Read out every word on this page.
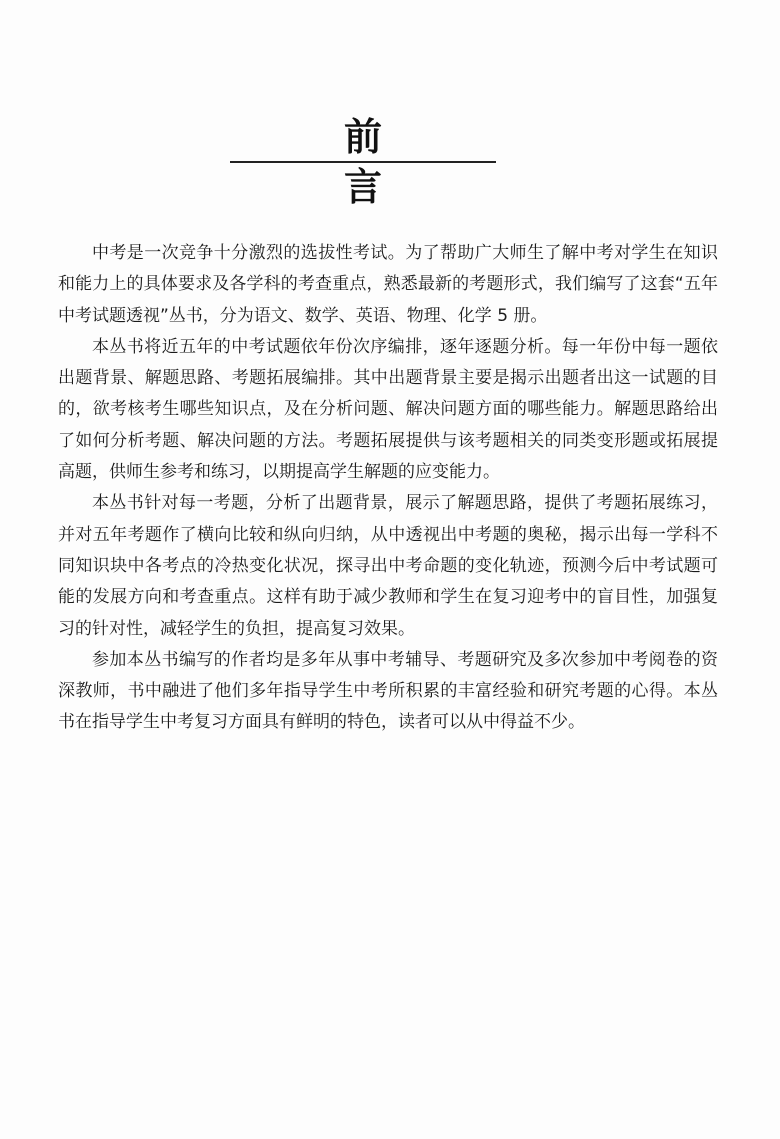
前　言

中考是一次竞争十分激烈的选拔性考试。为了帮助广大师生了解中考对学生在知识和能力上的具体要求及各学科的考查重点，熟悉最新的考题形式，我们编写了这套“五年中考试题透视”丛书，分为语文、数学、英语、物理、化学 5 册。

本丛书将近五年的中考试题依年份次序编排，逐年逐题分析。每一年份中每一题依出题背景、解题思路、考题拓展编排。其中出题背景主要是揭示出题者出这一试题的目的，欲考核考生哪些知识点，及在分析问题、解决问题方面的哪些能力。解题思路给出了如何分析考题、解决问题的方法。考题拓展提供与该考题相关的同类变形题或拓展提高题，供师生参考和练习，以期提高学生解题的应变能力。

本丛书针对每一考题，分析了出题背景，展示了解题思路，提供了考题拓展练习，并对五年考题作了横向比较和纵向归纳，从中透视出中考题的奥秘，揭示出每一学科不同知识块中各考点的冷热变化状况，探寻出中考命题的变化轨迹，预测今后中考试题可能的发展方向和考查重点。这样有助于减少教师和学生在复习迎考中的盲目性，加强复习的针对性，减轻学生的负担，提高复习效果。

参加本丛书编写的作者均是多年从事中考辅导、考题研究及多次参加中考阅卷的资深教师，书中融进了他们多年指导学生中考所积累的丰富经验和研究考题的心得。本丛书在指导学生中考复习方面具有鲜明的特色，读者可以从中得益不少。
